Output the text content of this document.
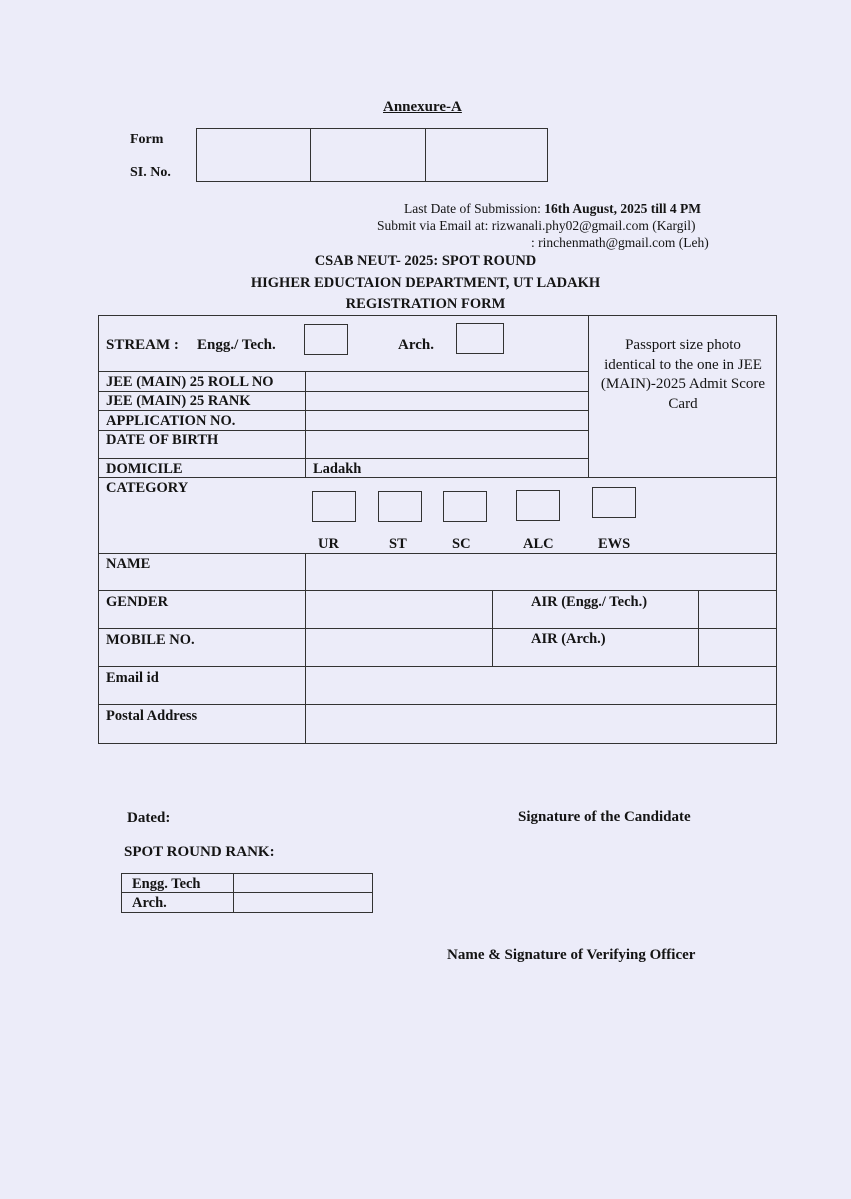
Annexure-A
Form
SI. No.
Last Date of Submission: 16th August, 2025 till 4 PM
Submit via Email at: rizwanali.phy02@gmail.com (Kargil)
: rinchenmath@gmail.com (Leh)
CSAB NEUT- 2025: SPOT ROUND
HIGHER EDUCTAION DEPARTMENT, UT LADAKH
REGISTRATION FORM
STREAM : Engg./ Tech.	Arch.	Passport size photo identical to the one in JEE (MAIN)-2025 Admit Score Card
JEE (MAIN) 25 ROLL NO
JEE (MAIN) 25 RANK
APPLICATION NO.
DATE OF BIRTH
DOMICILE	Ladakh
CATEGORY
UR	ST	SC	ALC	EWS
NAME
GENDER	AIR (Engg./ Tech.)
MOBILE NO.	AIR (Arch.)
Email id
Postal Address
Dated:	Signature of the Candidate
SPOT ROUND RANK:
Engg. Tech
Arch.
Name & Signature of Verifying Officer
